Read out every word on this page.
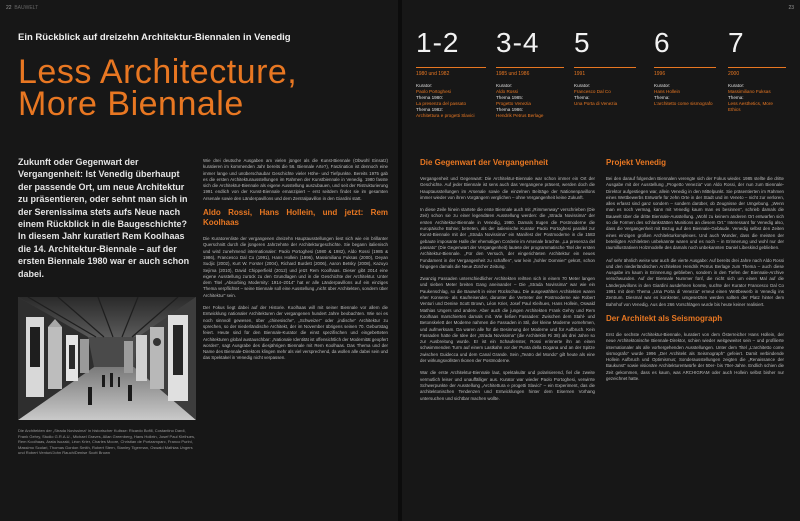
22 BAUWELT
Ein Rückblick auf dreizehn Architektur-Biennalen in Venedig
Less Architecture,
More Biennale
Zukunft oder Gegenwart der Vergangenheit: Ist Venedig überhaupt der passende Ort, um neue Architektur zu präsentieren, oder sehnt man sich in der Serenissima stets aufs Neue nach einem Rückblick in die Baugeschichte? In diesem Jahr kuratiert Rem Koolhaas die 14. Architektur-Biennale – auf der ersten Biennale 1980 war er auch schon dabei.
Die Architekten der „Strada Novissima“ in historischer Kulisse: Ricardo Bofill, Costantino Dardi, Frank Gehry, Studio G.R.A.U., Michael Graves, Allan Greenberg, Hans Hollein, Josef Paul Kleihues, Rem Koolhaas, Arata Isozaki, Léon Krier, Charles Moore, Christian de Portzamparc, Franco Purini, Massimo Scolari, Thomas Gordon Smith, Robert Stern, Stanley Tigerman, Oswald Mathias Ungers und Robert Venturi/John Rauch/Denise Scott Brown

Wie drei deutsche Ausgaben am vielen jünger als die Kunst-Biennale (Obwohl Einsatz) kuratieren im kommenden Jahr bereits die 56. Biennale Arte?), Faszination ist dennoch eine immer lange und unüberschaubar Geschichte vieler Höhe- und Tiefpunkte. Bereits 1975 gab es die ersten Architekturausstellungen im Rahmen der Kunstbiennale in Venedig. 1980 fasste sich die Architektur-Biennale als eigene Ausstellung auszubauen, und seit der Ristrukturierung 1991 endlich von der Kunst-Biennale emanzipiert – erst seitdem findet sie im gesamten Arsenale sowie den Länderpavillons und dem Zentralpavillon in den Giardini statt.

Aldo Rossi, Hans Hollein, und jetzt: Rem Koolhaas

Die Kuratorenliste der vergangenen dreizehn Hauptausstellungen liest sich wie ein brillanter Querschnitt durch die jüngeren Jahrzehnte der Architekturgeschichte. Sie begann italienisch und wird zunehmend internationaler: Paolo Portoghesi (1980 & 1982), Aldo Rossi (1985 & 1986), Francesco Dal Co (1991), Hans Hollein (1996), Massimiliano Fuksas (2000), Deyan Sudjic (2002), Kurt W. Forster (2004), Richard Burdett (2006), Aaron Betsky (2008), Kazuyo Sejima (2010), David Chipperfield (2012) und jetzt Rem Koolhaas. Dieser gibt 2014 eine eigene Ausstellung zurück zu den Grundlagen und in die Geschichte der Architektur. Unter dem Titel „Absorbing Modernity: 1914–2014“ hat er alle Länderpavillons auf ein einziges Thema verpflichtet – seine Biennale soll eine Ausstellung „nicht über Architekten, sondern über Architektur“ sein.

Der Fokus liegt dabei auf der Historie. Koolhaas will mit seiner Biennale vor allem die Entwicklung nationaler Architekturen der vergangenen hundert Jahre beobachten. Wie sei es noch sinnvoll gewesen, über „chinesische“, „Schweizer“ oder „indische“ Architektur zu sprechen, so der niederländische Architekt, der im November übrigens seinen 70. Geburtstag feiert. Heute sind für den Biennale-Kurator die einst spezifischen und eingebetteten Architekturen global austauschbar: „Nationale Identität ist offensichtlich der Modernität geopfert worden“, sagt Ausgrabe des diesjährigen Biennale mit Rem Koolhaas. Das Thema und der Name des Biennale-Direktors klingen mehr als viel versprechend, da wollen alle dabei sein und das Spektakel in Venedig nicht verpassen.

23
1-2
1980 und 1982
Kurator:
Paolo Portoghesi
Thema 1980:
La presenza del passato
Thema 1982:
Architettura e progetti Slavici
3-4
1985 und 1986
Kurator:
Aldo Rossi
Thema 1985:
Progetto Venezia
Thema 1986:
Hendrik Petrus Berlage
5
1991
Kurator:
Francesco Dal Co
Thema:
Una Porta di Venezia
6
1996
Kurator:
Hans Hollein
Thema:
L'architetto come sismografo
7
2000
Kurator:
Massimiliano Fuksas
Thema:
Less Aesthetics, More Ethics
Die Gegenwart der Vergangenheit

Vergangenheit und Gegenwart: Die Architektur-Biennale war schon immer ein Ort der Geschichte. Auf jeder Biennale ist sens auch das Vergangene präsent, werden doch die Hauptausstellungen im Arsenale sowie die einzelnen Beiträge der Nationenpavillons immer wieder von ihren Vorgängern verglichen – ohne Vergangenheit keine Zukunft.

In diese Zeile hinein startete die erste Biennale auch mit „Rimmenway“ verschrieben (Die Zeit) schon sie zu einer legendären Ausstellung werden: die „Strada Novissima“ der ersten Architektur-Biennale in Venedig, 1980. Damals trugen die Postmoderne die europäische Bühne; betreten, als der italienische Kurator Paolo Portoghesi parallel zur Kunst-Biennale mit der „Strada Novissima“ ein Manifest der Postmoderne in die 1583 gebaute imposante Halle der ehemaligen Corderie im Arsenale brachte. „La presenza del passato“ (Die Gegenwart der Vergangenheit) lautete der programmatische Titel der ersten Architektur-Biennale. „Für den Versuch, der eingerichteten Architektur ein neues Fundament in der Vergangenheit zu schaffen“, war kein „hohler Domnier“ gekürt, schon hingegen damals die Neue Zürcher Zeitung.

Zwanzig Fassaden unterschiedlicher Architekten reihten sich in einem 70 Meter langen und sieben Meter breiten Gang aneinander – Die „Strada Novissima“ war wie ein Paukenschlag, so die Bauwelt in einer Rückschau. Die ausgewählten Architekten waren eher Konsens- als Kaufreisender, darunter die Vertreter der Postmoderne wie Robert Venturi und Denise Scott Brown, Léon Krier, Josef Paul Kleihues, Hans Hollein, Oswald Mathias Ungers und andere. Aber auch die jungen Architekten Frank Gehry und Rem Koolhaas marschierten damals mit. Wie ließen Fassaden: Zwischen dem Stahl- und Betonskelett der Moderne nahmen die Fassaden in Stil, der kleine Moderne vornehmen, und aufmerksam. Da waren alle für die Besinnung der Moderne und für Aufbruch. Kein Fassaden hatte die Idee der „Strada Novissima“ (die Architektin Ri 38) als drei Jahre so zur Ausbreitung wurde. Er ist ein Schaufenster, Rossi erinnerte ihn an einen schwimmenden Turm auf einem Lastkahn vor der Punta della Dogana und an der Spitze zwischen Guidecca und dem Canal Grande. Sein „Teatro del Mondo“ gilt heute als eine der wirkungsvollsten Ikonen der Postmoderne.

War die erste Architektur-Biennale laut, spektakulär und polarisierend, fiel die zweite vermutlich leiser und unauffälliger aus. Kurator war wieder Paolo Portoghesi, verwirrte Schwerpunkte der Ausstellung „Architettura e progetti Slavici“ – ein Experiment, das die architektonischen Tendenzen und Entwicklungen hinter dem Eisernen Vorhang untersuchen und sichtbar machen wollte.

Projekt Venedig

Bei den darauf folgenden Biennalen verengte sich der Fokus wieder. 1985 stellte die dritte Ausgabe mit der Ausstellung „Progetto Venezia“ von Aldo Rossi, der nun zum Biennale-Direktor aufgestiegen war, allein Venedig in den Mittelpunkt. Sie präsentierten im Rahmen eines Wettbewerbs Entwürfe für zehn Orte in der Stadt und im Veneto – nicht zur verloren, alles erfasst sind ganz sondern – sondern darüber, ob Zeugnisse der Umgebung. „Wenn man es noch vermag, kann mit Venedig kaum man es besinnen“, schrieb damals die Bauwelt über die dritte Biennale-Ausstellung. „Wohl zu keinem anderen Ort entwarfen sich so die Formen des schlankstätten Munitions an diesem Ort.“ Interessant für Venedig also, dass die Vergangenheit mit Bezug auf den Biennale-Gebäude. Venedig selbst den Zeiten eines einzigen großen Architekturkomplexes. Und auch Wunder, dass die meisten der beteiligten Architekten unbekannte waren und es noch – in Erinnerung und wohl nur der raumillustrativen Holzmodelle des damals noch unbekannten Daniel Libeskind geblieben.

Auf sehr ähnlich weise war auch die vierte Ausgabe: Auf bereits drei Jahre nach Aldo Rossi und den niederländischen Architekten Hendrik Petrus Berlage zum Thema – auch diese Ausgabe im kaum in Erinnerung geblieben, sondern in den Tiefen der Biennale-Archive verschwunden. Auf der Biennale Nummer fünf, die nicht sich um einen Mal auf die Länderpavillons in den Giardini ausdehnen konnte, suchte der Kurator Francesco Dal Co 1991 mit dem Thema „Una Porta di Venezia“ erneut einen Wettbewerb in Venedig ins Zentrum. Diesmal war es konkreter, umgesetzten werden sollten der Platz hinter dem Bahnhof von Venedig. Aus den 266 Vorschlägen wurde bis heute keiner realisiert.

Der Architekt als Seismograph

Erst die sechste Architektur-Biennale, kuratiert von dem Österreicher Hans Hollein, der neue Architektonische Biennale-Direktor, schien wieder weitgeweitet sein – und profilierte internationaler als alle vorhergehenden Ausstellungen. Unter dem Titel „L'architetto come sismografo“ wurde 1996 „Der Architekt als Seismograph“ gefeiert. Damit verbindende Hollein Aufbruch und Optimismus; Sonderausstellungen zeigten die „Renaissance der Baukunst“ sowie visionäre Architekturentwürfe der 50er- bis 70er-Jahre. Endlich schien die Zeit gekommen, dass es kaum, was ARCHIGRAM oder auch Hollein selbst bisher nur gezeichnet hatte.
